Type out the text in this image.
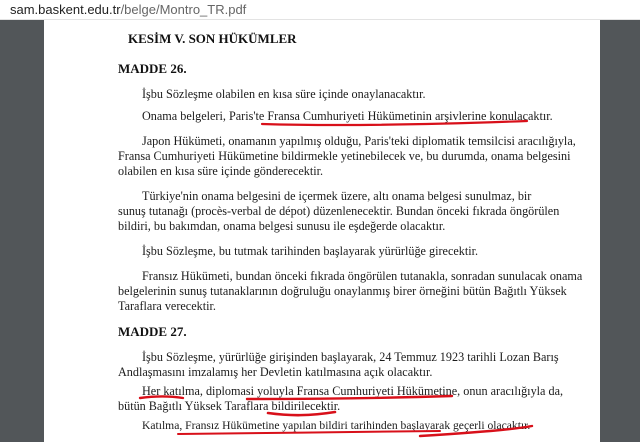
sam.baskent.edu.tr/belge/Montro_TR.pdf
KESİM V. SON HÜKÜMLER
MADDE 26.
İşbu Sözleşme olabilen en kısa süre içinde onaylanacaktır.
Onama belgeleri, Paris'te Fransa Cumhuriyeti Hükümetinin arşivlerine konulacaktır.
Japon Hükümeti, onamanın yapılmış olduğu, Paris'teki diplomatik temsilcisi aracılığıyla,
Fransa Cumhuriyeti Hükümetine bildirmekle yetinebilecek ve, bu durumda, onama belgesini
olabilen en kısa süre içinde gönderecektir.
Türkiye'nin onama belgesini de içermek üzere, altı onama belgesi sunulmaz, bir
sunuş tutanağı (procès-verbal de dépot) düzenlenecektir. Bundan önceki fıkrada öngörülen
bildiri, bu bakımdan, onama belgesi sunusu ile eşdeğerde olacaktır.
İşbu Sözleşme, bu tutmak tarihinden başlayarak yürürlüğe girecektir.
Fransız Hükümeti, bundan önceki fıkrada öngörülen tutanakla, sonradan sunulacak onama
belgelerinin sunuş tutanaklarının doğruluğu onaylanmış birer örneğini bütün Bağıtlı Yüksek
Taraflara verecektir.
MADDE 27.
İşbu Sözleşme, yürürlüğe girişinden başlayarak, 24 Temmuz 1923 tarihli Lozan Barış
Andlaşmasını imzalamış her Devletin katılmasına açık olacaktır.
Her katılma, diplomasi yoluyla Fransa Cumhuriyeti Hükümetine, onun aracılığıyla da,
bütün Bağıtlı Yüksek Taraflara bildirilecektir.
Katılma, Fransız Hükümetine yapılan bildiri tarihinden başlayarak geçerli olacaktır.
